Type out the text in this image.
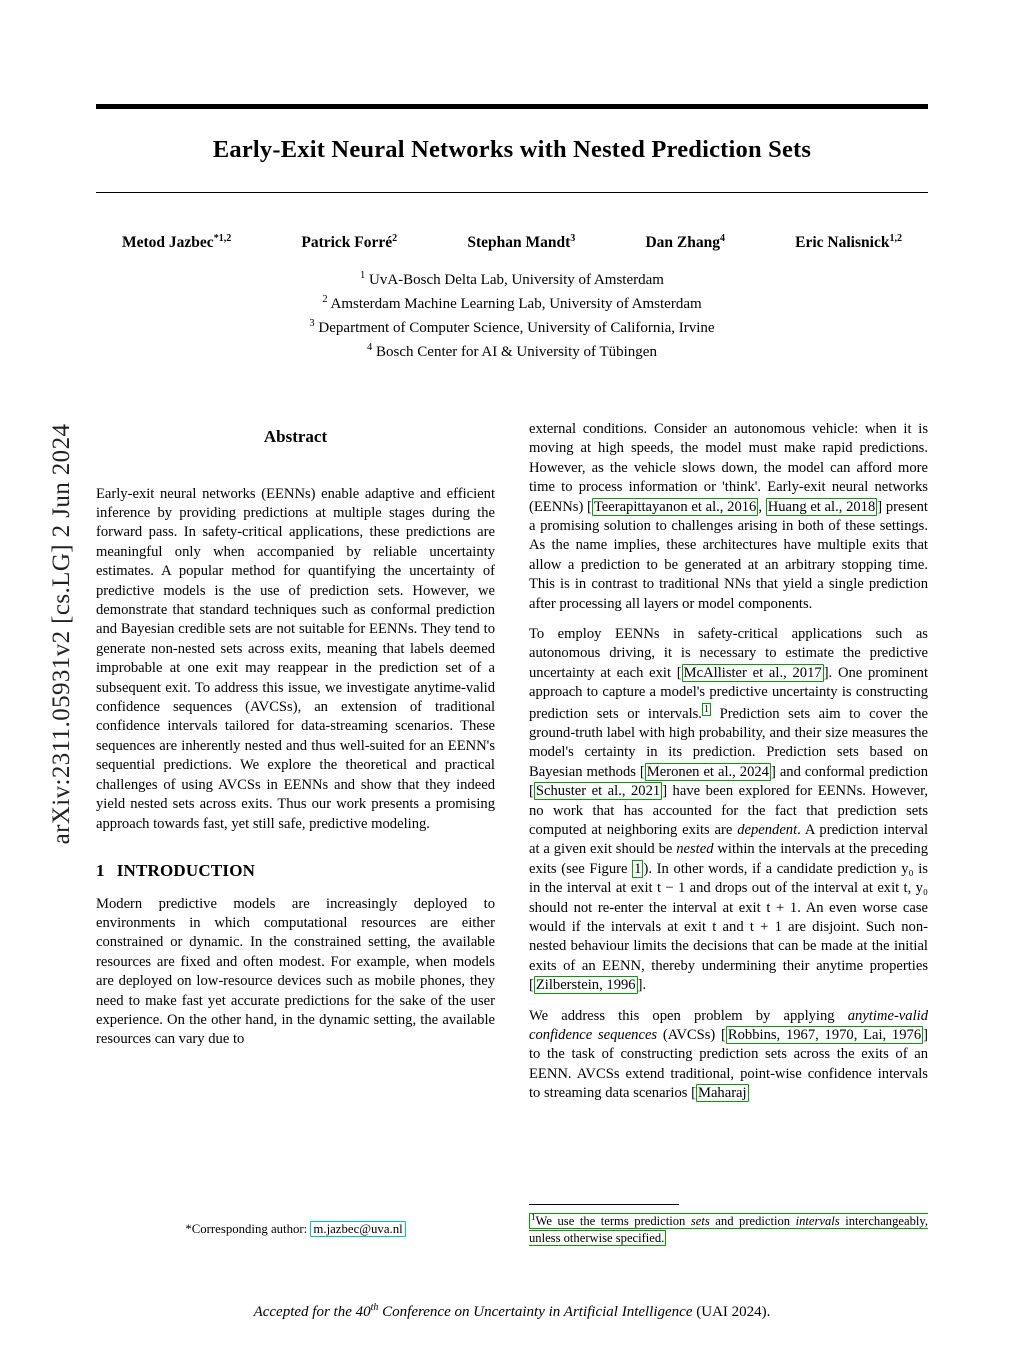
arXiv:2311.05931v2 [cs.LG] 2 Jun 2024
Early-Exit Neural Networks with Nested Prediction Sets
Metod Jazbec$^{*1,2}$	Patrick Forré$^2$	Stephan Mandt$^3$	Dan Zhang$^4$	Eric Nalisnick$^{1,2}$
$^1$ UvA-Bosch Delta Lab, University of Amsterdam
$^2$ Amsterdam Machine Learning Lab, University of Amsterdam
$^3$ Department of Computer Science, University of California, Irvine
$^4$ Bosch Center for AI & University of Tübingen
Abstract

Early-exit neural networks (EENNs) enable adaptive and efficient inference by providing predictions at multiple stages during the forward pass. In safety-critical applications, these predictions are meaningful only when accompanied by reliable uncertainty estimates. A popular method for quantifying the uncertainty of predictive models is the use of prediction sets. However, we demonstrate that standard techniques such as conformal prediction and Bayesian credible sets are not suitable for EENNs. They tend to generate non-nested sets across exits, meaning that labels deemed improbable at one exit may reappear in the prediction set of a subsequent exit. To address this issue, we investigate anytime-valid confidence sequences (AVCSs), an extension of traditional confidence intervals tailored for data-streaming scenarios. These sequences are inherently nested and thus well-suited for an EENN's sequential predictions. We explore the theoretical and practical challenges of using AVCSs in EENNs and show that they indeed yield nested sets across exits. Thus our work presents a promising approach towards fast, yet still safe, predictive modeling.

1 INTRODUCTION

Modern predictive models are increasingly deployed to environments in which computational resources are either constrained or dynamic. In the constrained setting, the available resources are fixed and often modest. For example, when models are deployed on low-resource devices such as mobile phones, they need to make fast yet accurate predictions for the sake of the user experience. On the other hand, in the dynamic setting, the available resources can vary due to

external conditions. Consider an autonomous vehicle: when it is moving at high speeds, the model must make rapid predictions. However, as the vehicle slows down, the model can afford more time to process information or 'think'. Early-exit neural networks (EENNs) [ Teerapittayanon et al., 2016 , Huang et al., 2018 ] present a promising solution to challenges arising in both of these settings. As the name implies, these architectures have multiple exits that allow a prediction to be generated at an arbitrary stopping time. This is in contrast to traditional NNs that yield a single prediction after processing all layers or model components.

To employ EENNs in safety-critical applications such as autonomous driving, it is necessary to estimate the predictive uncertainty at each exit [ McAllister et al., 2017 ]. One prominent approach to capture a model's predictive uncertainty is constructing prediction sets or intervals. $^1$ Prediction sets aim to cover the ground-truth label with high probability, and their size measures the model's certainty in its prediction. Prediction sets based on Bayesian methods [ Meronen et al., 2024 ] and conformal prediction [ Schuster et al., 2021 ] have been explored for EENNs. However, no work that has accounted for the fact that prediction sets computed at neighboring exits are dependent. A prediction interval at a given exit should be nested within the intervals at the preceding exits (see Figure 1 ). In other words, if a candidate prediction y₀ is in the interval at exit t − 1 and drops out of the interval at exit t, y₀ should not re-enter the interval at exit t + 1. An even worse case would if the intervals at exit t and t + 1 are disjoint. Such non-nested behaviour limits the decisions that can be made at the initial exits of an EENN, thereby undermining their anytime properties [ Zilberstein, 1996 ].

We address this open problem by applying anytime-valid confidence sequences (AVCSs) [ Robbins, 1967, 1970, Lai, 1976 ] to the task of constructing prediction sets across the exits of an EENN. AVCSs extend traditional, point-wise confidence intervals to streaming data scenarios [ Maharaj

*Corresponding author: m.jazbec@uva.nl
$^1$We use the terms prediction sets and prediction intervals interchangeably, unless otherwise specified.
Accepted for the 40th Conference on Uncertainty in Artificial Intelligence (UAI 2024).
